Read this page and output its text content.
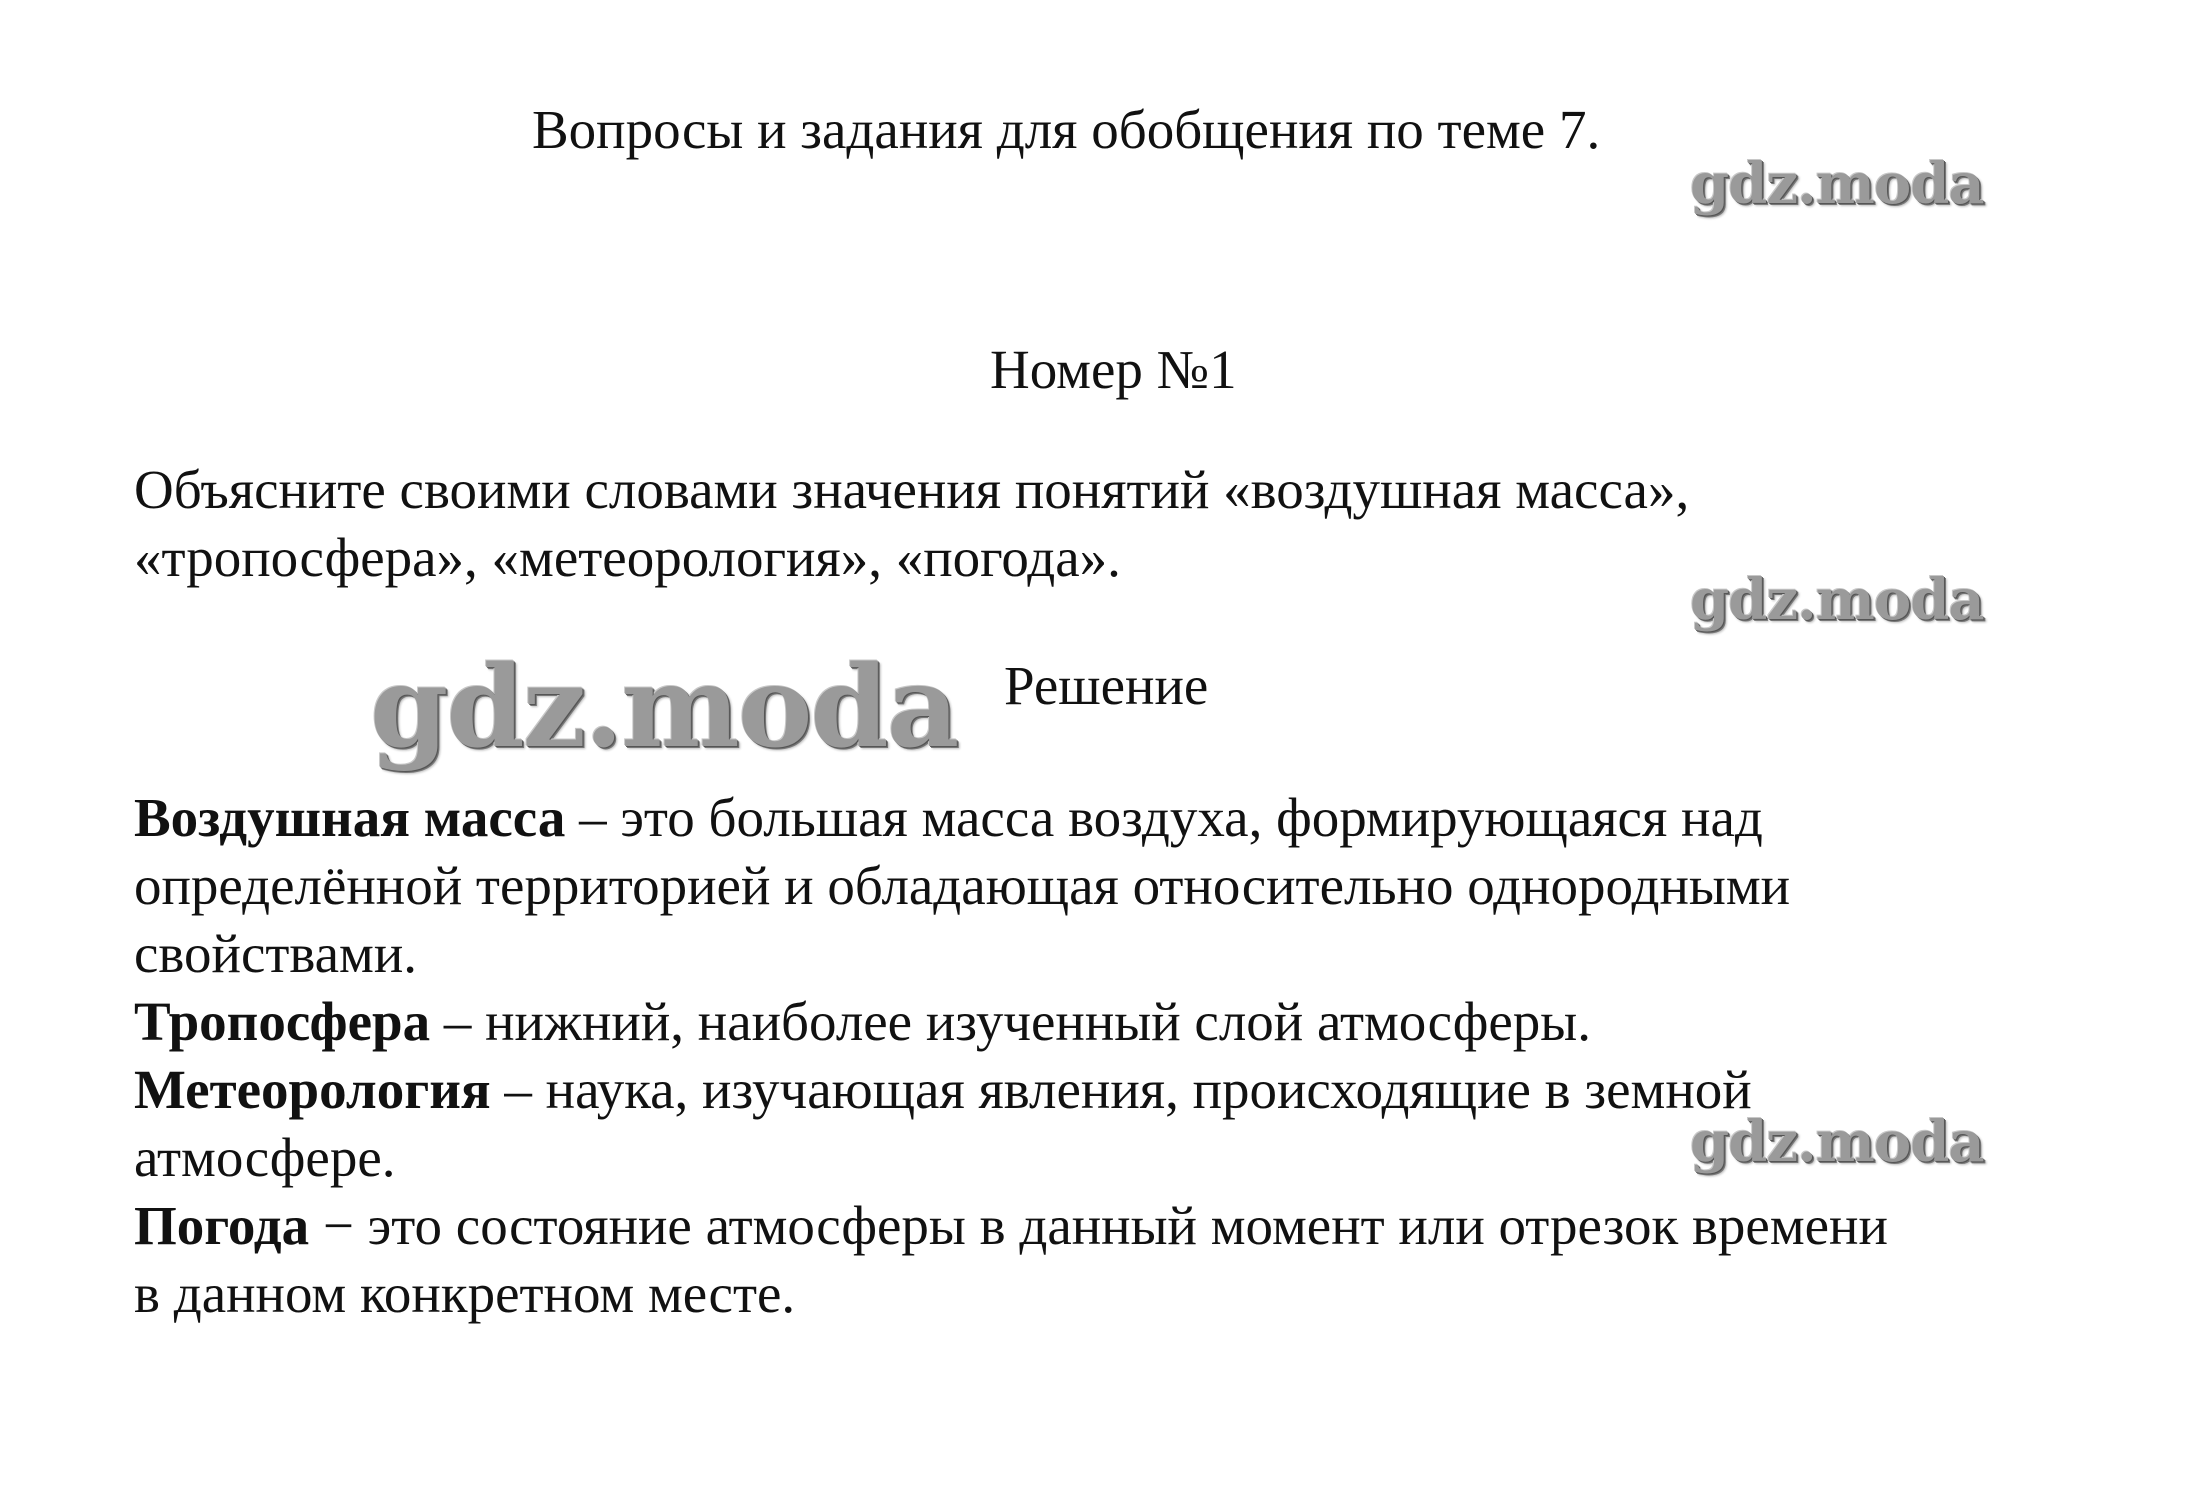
Вопросы и задания для обобщения по теме 7.
gdz.moda
Номер №1
Объясните своими словами значения понятий «воздушная масса»,
«тропосфера», «метеорология», «погода».
gdz.moda
gdz.moda Решение
Воздушная масса – это большая масса воздуха, формирующаяся над
определённой территорией и обладающая относительно однородными
свойствами.
Тропосфера – нижний, наиболее изученный слой атмосферы.
Метеорология – наука, изучающая явления, происходящие в земной
атмосфере.	gdz.moda
Погода − это состояние атмосферы в данный момент или отрезок времени
в данном конкретном месте.
